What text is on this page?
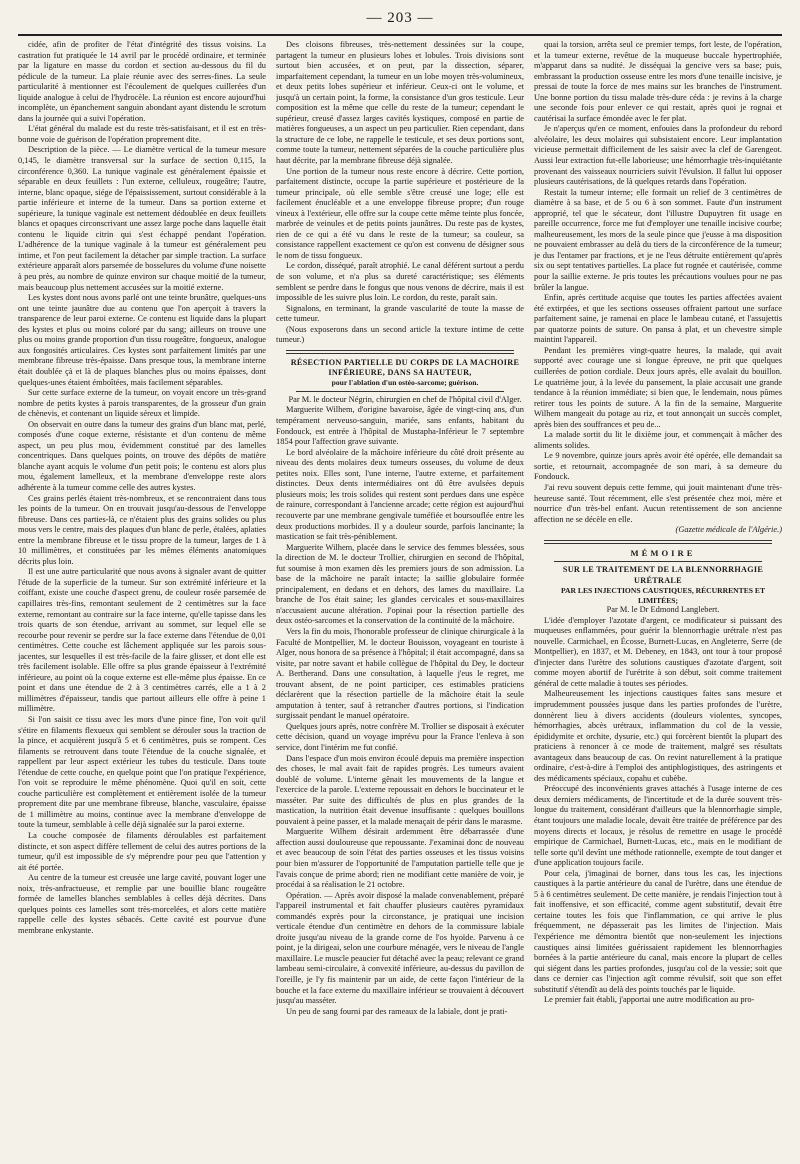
— 203 —

cidée, afin de profiter de l'état d'intégrité des tissus voisins. La castration fut pratiquée le 14 avril par le procédé ordinaire, et terminée par la ligature en masse du cordon et section au-dessous du fil du pédicule de la tumeur. La plaie réunie avec des serres-fines. La seule particularité à mentionner est l'écoulement de quelques cuillerées d'un liquide analogue à celui de l'hydrocèle. La réunion est encore aujourd'hui incomplète, un épanchement sanguin abondant ayant distendu le scrotum dans la journée qui a suivi l'opération.

L'état général du malade est du reste très-satisfaisant, et il est en très-bonne voie de guérison de l'opération proprement dite.

Description de la pièce. — Le diamètre vertical de la tumeur mesure 0,145, le diamètre transversal sur la surface de section 0,115, la circonférence 0,360. La tunique vaginale est généralement épaissie et séparable en deux feuillets : l'un externe, celluleux, rougeâtre; l'autre, interne, blanc opaque, siége de l'épaississement, surtout considérable à la partie inférieure et interne de la tumeur. Dans sa portion externe et supérieure, la tunique vaginale est nettement dédoublée en deux feuillets blancs et opaques circonscrivant une assez large poche dans laquelle était contenu le liquide citrin qui s'est échappé pendant l'opération. L'adhérence de la tunique vaginale à la tumeur est généralement peu intime, et l'on peut facilement la détacher par simple traction. La surface extérieure apparaît alors parsemée de bosselures du volume d'une noisette à peu près, au nombre de quinze environ sur chaque moitié de la tumeur, mais beaucoup plus nettement accusées sur la moitié externe.

Les kystes dont nous avons parlé ont une teinte brunâtre, quelques-uns ont une teinte jaunâtre due au contenu que l'on aperçoit à travers la transparence de leur paroi externe. Ce contenu est liquide dans la plupart des kystes et plus ou moins coloré par du sang; ailleurs on trouve une plus ou moins grande proportion d'un tissu rougeâtre, fongueux, analogue aux fongosités articulaires. Ces kystes sont parfaitement limités par une membrane fibreuse très-épaisse. Dans presque tous, la membrane interne était doublée çà et là de plaques blanches plus ou moins épaisses, dont quelques-unes étaient émboîtées, mais facilement séparables.

Sur cette surface externe de la tumeur, on voyait encore un très-grand nombre de petits kystes à parois transparentes, de la grosseur d'un grain de chènevis, et contenant un liquide séreux et limpide.

On observait en outre dans la tumeur des grains d'un blanc mat, perlé, composés d'une coque externe, résistante et d'un contenu de même aspect, un peu plus mou, évidemment constitué par des lamelles concentriques. Dans quelques points, on trouve des dépôts de matière blanche ayant acquis le volume d'un petit pois; le contenu est alors plus mou, également lamelleux, et la membrane d'enveloppe reste alors adhérente à la tumeur comme celle des autres kystes.

Ces grains perlés étaient très-nombreux, et se rencontraient dans tous les points de la tumeur. On en trouvait jusqu'au-dessous de l'enveloppe fibreuse. Dans ces parties-là, ce n'étaient plus des grains solides ou plus mous vers le centre, mais des plaques d'un blanc de perle, étalées, aplaties entre la membrane fibreuse et le tissu propre de la tumeur, larges de 1 à 10 millimètres, et constituées par les mêmes éléments anatomiques décrits plus loin.

Il est une autre particularité que nous avons à signaler avant de quitter l'étude de la superficie de la tumeur. Sur son extrémité inférieure et la coiffant, existe une couche d'aspect grenu, de couleur rosée parsemée de capillaires très-fins, remontant seulement de 2 centimètres sur la face externe, remontant au contraire sur la face interne, qu'elle tapisse dans les trois quarts de son étendue, arrivant au sommet, sur lequel elle se recourbe pour revenir se perdre sur la face externe dans l'étendue de 0,01 centimètres. Cette couche est lâchement appliquée sur les parois sous-jacentes, sur lesquelles il est très-facile de la faire glisser, et dont elle est très facilement isolable. Elle offre sa plus grande épaisseur à l'extrémité inférieure, au point où la coque externe est elle-même plus épaisse. En ce point et dans une étendue de 2 à 3 centimètres carrés, elle a 1 à 2 millimètres d'épaisseur, tandis que partout ailleurs elle offre à peine 1 millimètre.

Si l'on saisit ce tissu avec les mors d'une pince fine, l'on voit qu'il s'étire en filaments flexueux qui semblent se dérouler sous la traction de la pince, et acquièrent jusqu'à 5 et 6 centimètres, puis se rompent. Ces filaments se retrouvent dans toute l'étendue de la couche signalée, et rappellent par leur aspect extérieur les tubes du testicule. Dans toute l'étendue de cette couche, en quelque point que l'on pratique l'expérience, l'on voit se reproduire le même phénomène. Quoi qu'il en soit, cette couche particulière est complètement et entièrement isolée de la tumeur proprement dite par une membrane fibreuse, blanche, vasculaire, épaisse de 1 millimètre au moins, continue avec la membrane d'enveloppe de toute la tumeur, semblable à celle déjà signalée sur la paroi externe.

La couche composée de filaments déroulables est parfaitement distincte, et son aspect diffère tellement de celui des autres portions de la tumeur, qu'il est impossible de s'y méprendre pour peu que l'attention y ait été portée.

Au centre de la tumeur est creusée une large cavité, pouvant loger une noix, très-anfractueuse, et remplie par une bouillie blanc rougeâtre formée de lamelles blanches semblables à celles déjà décrites. Dans quelques points ces lamelles sont très-morcelées, et alors cette matière rappelle celle des kystes sébacés. Cette cavité est pourvue d'une membrane enkystante.

Des cloisons fibreuses, très-nettement dessinées sur la coupe, partagent la tumeur en plusieurs lobes et lobules. Trois divisions sont surtout bien accusées, et on peut, par la dissection, séparer, imparfaitement cependant, la tumeur en un lobe moyen très-volumineux, et deux petits lobes supérieur et inférieur. Ceux-ci ont le volume, et jusqu'à un certain point, la forme, la consistance d'un gros testicule. Leur composition est la même que celle du reste de la tumeur; cependant le supérieur, creusé d'assez larges cavités kystiques, composé en partie de matières fongueuses, a un aspect un peu particulier. Rien cependant, dans la structure de ce lobe, ne rappelle le testicule, et ses deux portions sont, comme toute la tumeur, nettement séparées de la couche particulière plus haut décrite, par la membrane fibreuse déjà signalée.

Une portion de la tumeur nous reste encore à décrire. Cette portion, parfaitement distincte, occupe la partie supérieure et postérieure de la tumeur principale, où elle semble s'être creusé une loge; elle est facilement énucléable et a une enveloppe fibreuse propre; d'un rouge vineux à l'extérieur, elle offre sur la coupe cette même teinte plus foncée, marbrée de veinules et de petits points jaunâtres. Du reste pas de kystes, rien de ce qui a été vu dans le reste de la tumeur; sa couleur, sa consistance rappellent exactement ce qu'on est convenu de désigner sous le nom de tissu fongueux.

Le cordon, disséqué, paraît atrophié. Le canal déférent surtout a perdu de son volume, et n'a plus sa dureté caractéristique; ses éléments semblent se perdre dans le fongus que nous venons de décrire, mais il est impossible de les suivre plus loin. Le cordon, du reste, paraît sain.

Signalons, en terminant, la grande vascularité de toute la masse de cette tumeur.

(Nous exposerons dans un second article la texture intime de cette tumeur.)

RÉSECTION PARTIELLE DU CORPS DE LA MACHOIRE INFÉRIEURE, DANS SA HAUTEUR,

pour l'ablation d'un ostéo-sarcome; guérison.

Par M. le docteur Négrin, chirurgien en chef de l'hôpital civil d'Alger.

Marguerite Wilhem, d'origine bavaroise, âgée de vingt-cinq ans, d'un tempérament nerveuso-sanguin, mariée, sans enfants, habitant du Fondouck, est entrée à l'hôpital de Mustapha-Inférieur le 7 septembre 1854 pour l'affection grave suivante.

Le bord alvéolaire de la mâchoire inférieure du côté droit présente au niveau des dents molaires deux tumeurs osseuses, du volume de deux petites noix. Elles sont, l'une interne, l'autre externe, et parfaitement distinctes. Deux dents intermédiaires ont dû être avulsées depuis plusieurs mois; les trois solides qui restent sont perdues dans une espèce de rainure, correspondant à l'ancienne arcade; cette région est aujourd'hui recouverte par une membrane gengivale tuméfiée et boursouflée entre les deux productions morbides. Il y a douleur sourde, parfois lancinante; la mastication se fait très-péniblement.

Marguerite Wilhem, placée dans le service des femmes blessées, sous la direction de M. le docteur Trollier, chirurgien en second de l'hôpital, fut soumise à mon examen dès les premiers jours de son admission. La base de la mâchoire ne paraît intacte; la saillie globulaire formée principalement, en dedans et en dehors, des lames du maxillaire. La branche de l'os était saine; les glandes cervicales et sous-maxillaires n'accusaient aucune altération. J'opinai pour la résection partielle des deux ostéo-sarcomes et la conservation de la continuité de la mâchoire.

Vers la fin du mois, l'honorable professeur de clinique chirurgicale à la Faculté de Montpellier, M. le docteur Bouisson, voyageant en touriste à Alger, nous honora de sa présence à l'hôpital; il était accompagné, dans sa visite, par notre savant et habile collègue de l'hôpital du Dey, le docteur A. Bertherand. Dans une consultation, à laquelle j'eus le regret, me trouvant absent, de ne point participer, ces estimables praticiens déclarèrent que la résection partielle de la mâchoire était la seule amputation à tenter, sauf à retrancher d'autres portions, si l'indication surgissait pendant le manuel opératoire.

Quelques jours après, notre confrère M. Trollier se disposait à exécuter cette décision, quand un voyage imprévu pour la France l'enleva à son service, dont l'intérim me fut confié.

Dans l'espace d'un mois environ écoulé depuis ma première inspection des choses, le mal avait fait de rapides progrès. Les tumeurs avaient doublé de volume. L'interne gênait les mouvements de la langue et l'exercice de la parole. L'externe repoussait en dehors le buccinateur et le masséter. Par suite des difficultés de plus en plus grandes de la mastication, la nutrition était devenue insuffisante : quelques bouillons pouvaient à peine passer, et la malade menaçait de périr dans le marasme.

Marguerite Wilhem désirait ardemment être débarrassée d'une affection aussi douloureuse que repoussante. J'examinai donc de nouveau et avec beaucoup de soin l'état des parties osseuses et les tissus voisins pour bien m'assurer de l'opportunité de l'amputation partielle telle que je l'avais conçue de prime abord; rien ne modifiant cette manière de voir, je procédai à sa réalisation le 21 octobre.

Opération. — Après avoir disposé la malade convenablement, préparé l'appareil instrumental et fait chauffer plusieurs cautères pyramidaux commandés exprès pour la circonstance, je pratiquai une incision verticale étendue d'un centimètre en dehors de la commissure labiale droite jusqu'au niveau de la grande corne de l'os hyoïde. Parvenu à ce point, je la dirigeai, selon une courbure ménagée, vers le niveau de l'angle maxillaire. Le muscle peaucier fut détaché avec la peau; relevant ce grand lambeau semi-circulaire, à convexité inférieure, au-dessus du pavillon de l'oreille, je l'y fis maintenir par un aide, de cette façon l'intérieur de la bouche et la face externe du maxillaire inférieur se trouvaient à découvert jusqu'au masséter.

Un peu de sang fourni par des rameaux de la labiale, dont je prati-

quai la torsion, arrêta seul ce premier temps, fort leste, de l'opération, et la tumeur externe, revêtue de la muqueuse buccale hypertrophiée, m'apparut dans sa nudité. Je disséquai la gencive vers sa base; puis, embrassant la production osseuse entre les mors d'une tenaille incisive, je pressai de toute la force de mes mains sur les branches de l'instrument. Une bonne portion du tissu malade très-dure céda : je revins à la charge une seconde fois pour enlever ce qui restait, après quoi je rognai et cautérisai la surface émondée avec le fer plat.

Je n'aperçus qu'en ce moment, enfouies dans la profondeur du rebord alvéolaire, les deux molaires qui subsistaient encore. Leur implantation vicieuse permettait difficilement de les saisir avec la clef de Garengeot. Aussi leur extraction fut-elle laborieuse; une hémorrhagie très-inquiétante provenant des vaisseaux nourriciers suivit l'évulsion. Il fallut lui opposer plusieurs cautérisations, de là quelques retards dans l'opération.

Restait la tumeur interne; elle formait un relief de 3 centimètres de diamètre à sa base, et de 5 ou 6 à son sommet. Faute d'un instrument approprié, tel que le sécateur, dont l'illustre Dupuytren fit usage en pareille occurrence, force me fut d'employer une tenaille incisive courbe; malheureusement, les mors de la seule pince que j'eusse à ma disposition ne pouvaient embrasser au delà du tiers de la circonférence de la tumeur; je dus l'entamer par fractions, et je ne l'eus détruite entièrement qu'après six ou sept tentatives partielles. La place fut rognée et cautérisée, comme pour la saillie externe. Je pris toutes les précautions voulues pour ne pas brûler la langue.

Enfin, après certitude acquise que toutes les parties affectées avaient été extirpées, et que les sections osseuses offraient partout une surface parfaitement saine, je ramenai en place le lambeau cutané, et l'assujettis par quatorze points de suture. On pansa à plat, et un chevestre simple maintint l'appareil.

Pendant les premières vingt-quatre heures, la malade, qui avait supporté avec courage une si longue épreuve, ne prit que quelques cuillerées de potion cordiale. Deux jours après, elle avalait du bouillon. Le quatrième jour, à la levée du pansement, la plaie accusait une grande tendance à la réunion immédiate; si bien que, le lendemain, nous pûmes retirer tous les points de suture. A la fin de la semaine, Marguerite Wilhem mangeait du potage au riz, et tout annonçait un succès complet, après bien des souffrances et peu de...

La malade sortit du lit le dixième jour, et commençait à mâcher des aliments solides.

Le 9 novembre, quinze jours après avoir été opérée, elle demandait sa sortie, et retournait, accompagnée de son mari, à sa demeure du Fondouck.

J'ai revu souvent depuis cette femme, qui jouit maintenant d'une très-heureuse santé. Tout récemment, elle s'est présentée chez moi, mère et nourrice d'un très-bel enfant. Aucun retentissement de son ancienne affection ne se décèle en elle.

(Gazette médicale de l'Algérie.)

MÉMOIRE

SUR LE TRAITEMENT DE LA BLENNORRHAGIE URÉTRALE

PAR LES INJECTIONS CAUSTIQUES, RÉCURRENTES ET LIMITÉES;

Par M. le Dr Edmond Langlebert.

L'idée d'employer l'azotate d'argent, ce modificateur si puissant des muqueuses enflammées, pour guérir la blennorrhagie urétrale n'est pas nouvelle. Carmichael, en Écosse, Burnett-Lucas, en Angleterre, Serre (de Montpellier), en 1837, et M. Debeney, en 1843, ont tour à tour proposé d'injecter dans l'urètre des solutions caustiques d'azotate d'argent, soit comme moyen abortif de l'urétrite à son début, soit comme traitement général de cette maladie à toutes ses périodes.

Malheureusement les injections caustiques faites sans mesure et imprudemment poussées jusque dans les parties profondes de l'urètre, donnèrent lieu à divers accidents (douleurs violentes, syncopes, hémorrhagies, abcès urétraux, inflammation du col de la vessie, épididymite et orchite, dysurie, etc.) qui forcèrent bientôt la plupart des praticiens à renoncer à ce mode de traitement, malgré ses résultats avantageux dans beaucoup de cas. On revint naturellement à la pratique ordinaire, c'est-à-dire à l'emploi des antiphlogistiques, des astringents et des médicaments spéciaux, copahu et cubèbe.

Préoccupé des inconvénients graves attachés à l'usage interne de ces deux derniers médicaments, de l'incertitude et de la durée souvent très-longue du traitement, considérant d'ailleurs que la blennorrhagie simple, étant toujours une maladie locale, devait être traitée de préférence par des moyens directs et locaux, je résolus de remettre en usage le procédé empirique de Carmichael, Burnett-Lucas, etc., mais en le modifiant de telle sorte qu'il devînt une méthode rationnelle, exempte de tout danger et d'une application toujours facile.

Pour cela, j'imaginai de borner, dans tous les cas, les injections caustiques à la partie antérieure du canal de l'urètre, dans une étendue de 5 à 6 centimètres seulement. De cette manière, je rendais l'injection tout à fait inoffensive, et son efficacité, comme agent substitutif, devait être certaine toutes les fois que l'inflammation, ce qui arrive le plus fréquemment, ne dépasserait pas les limites de l'injection. Mais l'expérience me démontra bientôt que non-seulement les injections caustiques ainsi limitées guérissaient rapidement les blennorrhagies bornées à la partie antérieure du canal, mais encore la plupart de celles qui siégent dans les parties profondes, jusqu'au col de la vessie; soit que dans ce dernier cas l'injection agît comme révulsif, soit que son effet substitutif s'étendît au delà des points touchés par le liquide.

Le premier fait établi, j'apportai une autre modification au pro-
